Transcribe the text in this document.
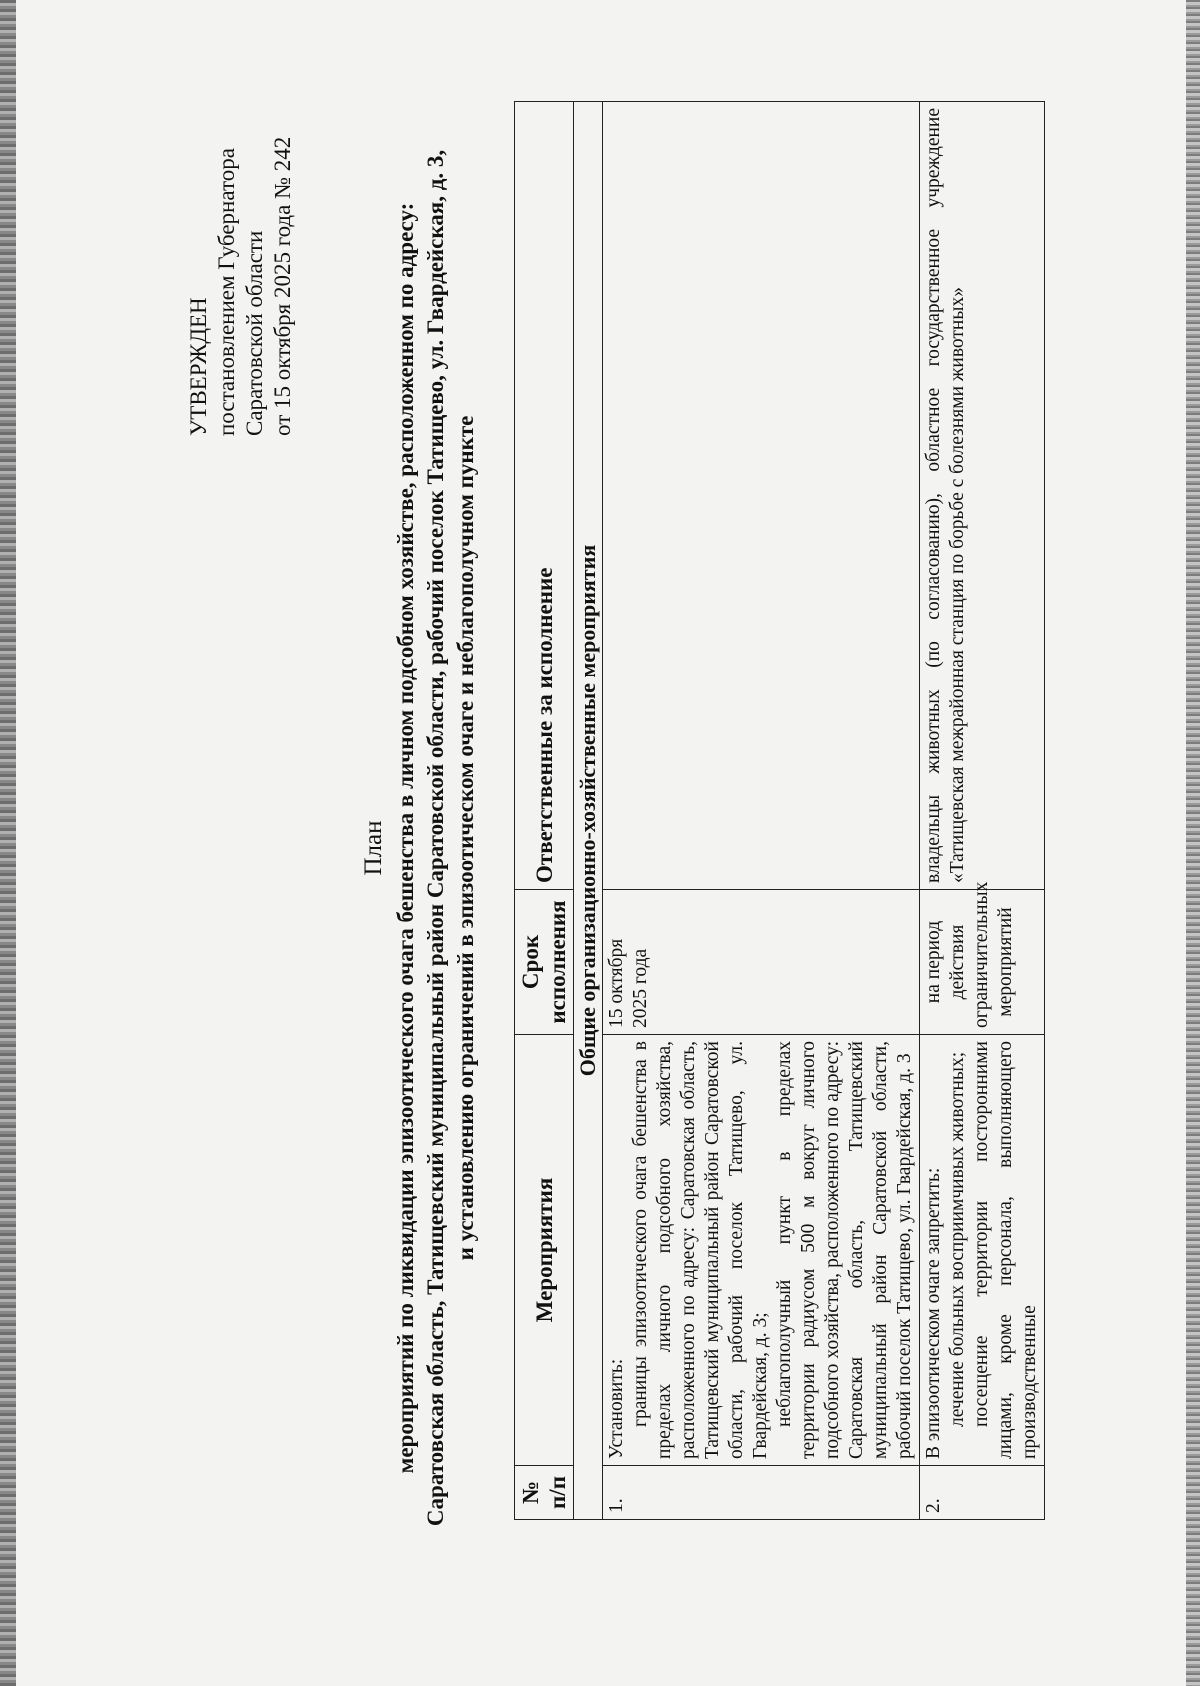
УТВЕРЖДЕН постановлением Губернатора Саратовской области от 15 октября 2025 года № 242
План мероприятий по ликвидации эпизоотического очага бешенства в личном подсобном хозяйстве, расположенном по адресу: Саратовская область, Татищевский муниципальный район Саратовской области, рабочий поселок Татищево, ул. Гвардейская, д. 3, и установлению ограничений в эпизоотическом очаге и неблагополучном пункте
№ п/п	Мероприятия	Срок исполнения	Ответственные за исполнение
Общие организационно-хозяйственные мероприятия			
1.	Установить: границы эпизоотического очага бешенства в пределах личного подсобного хозяйства, расположенного по адресу: Саратовская область, Татищевский муниципальный район Саратовской области, рабочий поселок Татищево, ул. Гвардейская, д. 3; неблагополучный пункт в пределах территории радиусом 500 м вокруг личного подсобного хозяйства, расположенного по адресу: Саратовская область, Татищевский муниципальный район Саратовской области, рабочий поселок Татищево, ул. Гвардейская, д. 3	15 октября 2025 года	
2.	В эпизоотическом очаге запретить: лечение больных восприимчивых животных; посещение территории посторонними лицами, кроме персонала, выполняющего производственные	на период действия ограничительных мероприятий	владельцы животных (по согласованию), областное государственное учреждение «Татищевская межрайонная станция по борьбе с болезнями животных»
